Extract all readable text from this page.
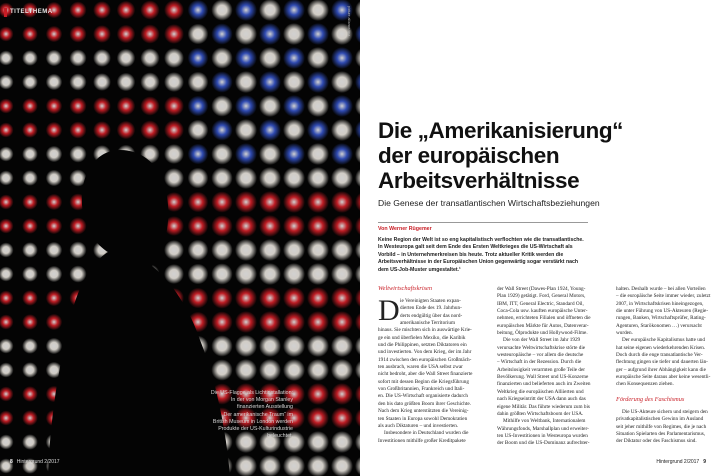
TITELTHEMA	picture alliance/dpa
Die US-Flagge als Lichtinstallation:
In der von Morgan Stanley
finanzierten Ausstellung
„Der amerikanische Traum“ im
British Museum in London werden
Produkte der US-Kulturindustrie
beleuchtet.
8 Hintergrund 2/2017
Die „Amerikanisierung“
der europäischen
Arbeitsverhältnisse
Die Genese der transatlantischen Wirtschaftsbeziehungen
Von Werner Rügemer
Keine Region der Welt ist so eng kapitalistisch verflochten wie die transatlantische.
In Westeuropa galt seit dem Ende des Ersten Weltkrieges die US-Wirtschaft als
Vorbild – in Unternehmerkreisen bis heute. Trotz aktueller Kritik werden die
Arbeitsverhältnisse in der Europäischen Union gegenwärtig sogar verstärkt nach
dem US-Job-Muster umgestaltet.¹
Weltwirtschaftskrisen
D ie Vereinigten Staaten expan-
dierten Ende des 19. Jahrhun-
derts endgültig über das nord-
amerikanische Territorium
hinaus. Sie mischten sich in auswärtige Krie-
ge ein und überfielen Mexiko, die Karibik
und die Philippinen, setzten Diktatoren ein
und investierten. Von dem Krieg, der im Jahr
1914 zwischen den europäischen Großmäch-
ten ausbrach, waren die USA selbst zwar
nicht bedroht, aber die Wall Street finanzierte
sofort mit dessen Beginn die Kriegsführung
von Großbritannien, Frankreich und Itali-
en. Die US-Wirtschaft organisierte dadurch
den bis dato größten Boom ihrer Geschichte.
Nach dem Krieg unterstützten die Vereinig-
ten Staaten in Europa sowohl Demokratien
als auch Diktaturen – und investierten.
Insbesondere in Deutschland wurden die
Investitionen mithilfe großer Kreditpakete
der Wall Street (Dawes-Plan 1924, Young-
Plan 1929) getätigt. Ford, General Motors,
IBM, ITT, General Electric, Standard Oil,
Coca-Cola usw. kauften europäische Unter-
nehmen, errichteten Filialen und öffneten die
europäischen Märkte für Autos, Datenverar-
beitung, Ölprodukte und Hollywood-Filme.
Die von der Wall Street im Jahr 1929
verursachte Weltwirtschaftskrise störte die
westeuropäische – vor allem die deutsche
– Wirtschaft in der Rezession. Durch die
Arbeitslosigkeit verarmten große Teile der
Bevölkerung. Wall Street und US-Konzerne
finanzierten und belieferten auch im Zweiten
Weltkrieg die europäischen Alliierten und
nach Kriegseintritt der USA dann auch das
eigene Militär. Das führte wiederum zum bis
dahin größten Wirtschaftsboom der USA.
Mithilfe von Weltbank, Internationalem
Währungsfonds, Marshallplan und erweiter-
ten US-Investitionen in Westeuropa wurden
der Boom und die US-Dominanz aufrechter-
halten. Deshalb wurde – bei allen Vorteilen
– die europäische Seite immer wieder, zuletzt
2007, in Wirtschaftskrisen hineingezogen,
die unter Führung von US-Akteuren (Regie-
rungen, Banken, Wirtschaftsprüfer, Rating-
Agenturen, Starökonomen …) verursacht
wurden.
Der europäische Kapitalismus hatte und
hat seine eigenen wiederkehrenden Krisen.
Doch durch die enge transatlantische Ver-
flechtung gingen sie tiefer und dauerten län-
ger – aufgrund ihrer Abhängigkeit kann die
europäische Seite daraus aber keine wesentli-
chen Konsequenzen ziehen.
Förderung des Faschismus
Die US-Akteure sichern und steigern den
privatkapitalistischen Gewinn im Ausland
seit jeher mithilfe von Regimes, die je nach
Situation Spielarten des Parlamentarismus,
der Diktatur oder des Faschismus sind.
Hintergrund 2/2017 9
